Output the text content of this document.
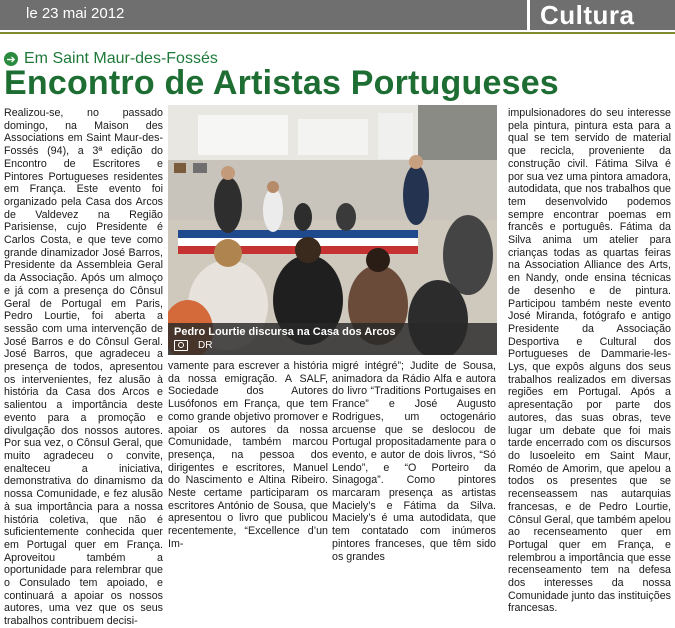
le 23 mai 2012	Cultura
➔ Em Saint Maur-des-Fossés
Encontro de Artistas Portugueses

Realizou-se, no passado domingo, na Maison des Associations em Saint Maur-des-Fossés (94), a 3ª edição do Encontro de Escritores e Pintores Portugueses residentes em França. Este evento foi organizado pela Casa dos Arcos de Valdevez na Região Parisiense, cujo Presidente é Carlos Costa, e que teve como grande dinamizador José Barros, Presidente da Assembleia Geral da Associação. Após um almoço e já com a presença do Cônsul Geral de Portugal em Paris, Pedro Lourtie, foi aberta a sessão com uma intervenção de José Barros e do Cônsul Geral. José Barros, que agradeceu a presença de todos, apresentou os intervenientes, fez alusão à história da Casa dos Arcos e salientou a importância deste evento para a promoção e divulgação dos nossos autores. Por sua vez, o Cônsul Geral, que muito agradeceu o convite, enalteceu a iniciativa, demonstrativa do dinamismo da nossa Comunidade, e fez alusão à sua importância para a nossa história coletiva, que não é suficientemente conhecida quer em Portugal quer em França. Aproveitou também a oportunidade para relembrar que o Consulado tem apoiado, e continuará a apoiar os nossos autores, uma vez que os seus trabalhos contribuem decisi-

Pedro Lourtie discursa na Casa dos Arcos
DR

vamente para escrever a história da nossa emigração. A SALF, Sociedade dos Autores Lusófonos em França, que tem como grande objetivo promover e apoiar os autores da nossa Comunidade, também marcou presença, na pessoa dos dirigentes e escritores, Manuel do Nascimento e Altina Ribeiro. Neste certame participaram os escritores António de Sousa, que apresentou o livro que publicou recentemente, “Excellence d’un Im-

migré intégré”; Judite de Sousa, animadora da Rádio Alfa e autora do livro “Traditions Portugaises en France” e José Augusto Rodrigues, um octogenário arcuense que se deslocou de Portugal propositadamente para o evento, e autor de dois livros, “Só Lendo”, e “O Porteiro da Sinagoga”. Como pintores marcaram presença as artistas Maciely’s e Fátima da Silva. Maciely’s é uma autodidata, que tem contatado com inúmeros pintores franceses, que têm sido os grandes

impulsionadores do seu interesse pela pintura, pintura esta para a qual se tem servido de material que recicla, proveniente da construção civil. Fátima Silva é por sua vez uma pintora amadora, autodidata, que nos trabalhos que tem desenvolvido podemos sempre encontrar poemas em francês e português. Fátima da Silva anima um atelier para crianças todas as quartas feiras na Association Alliance des Arts, en Nandy, onde ensina técnicas de desenho e de pintura. Participou também neste evento José Miranda, fotógrafo e antigo Presidente da Associação Desportiva e Cultural dos Portugueses de Dammarie-les-Lys, que expôs alguns dos seus trabalhos realizados em diversas regiões em Portugal. Após a apresentação por parte dos autores, das suas obras, teve lugar um debate que foi mais tarde encerrado com os discursos do lusoeleito em Saint Maur, Roméo de Amorim, que apelou a todos os presentes que se recenseassem nas autarquias francesas, e de Pedro Lourtie, Cônsul Geral, que também apelou ao recenseamento quer em Portugal quer em França, e relembrou a importância que esse recenseamento tem na defesa dos interesses da nossa Comunidade junto das instituições francesas.
